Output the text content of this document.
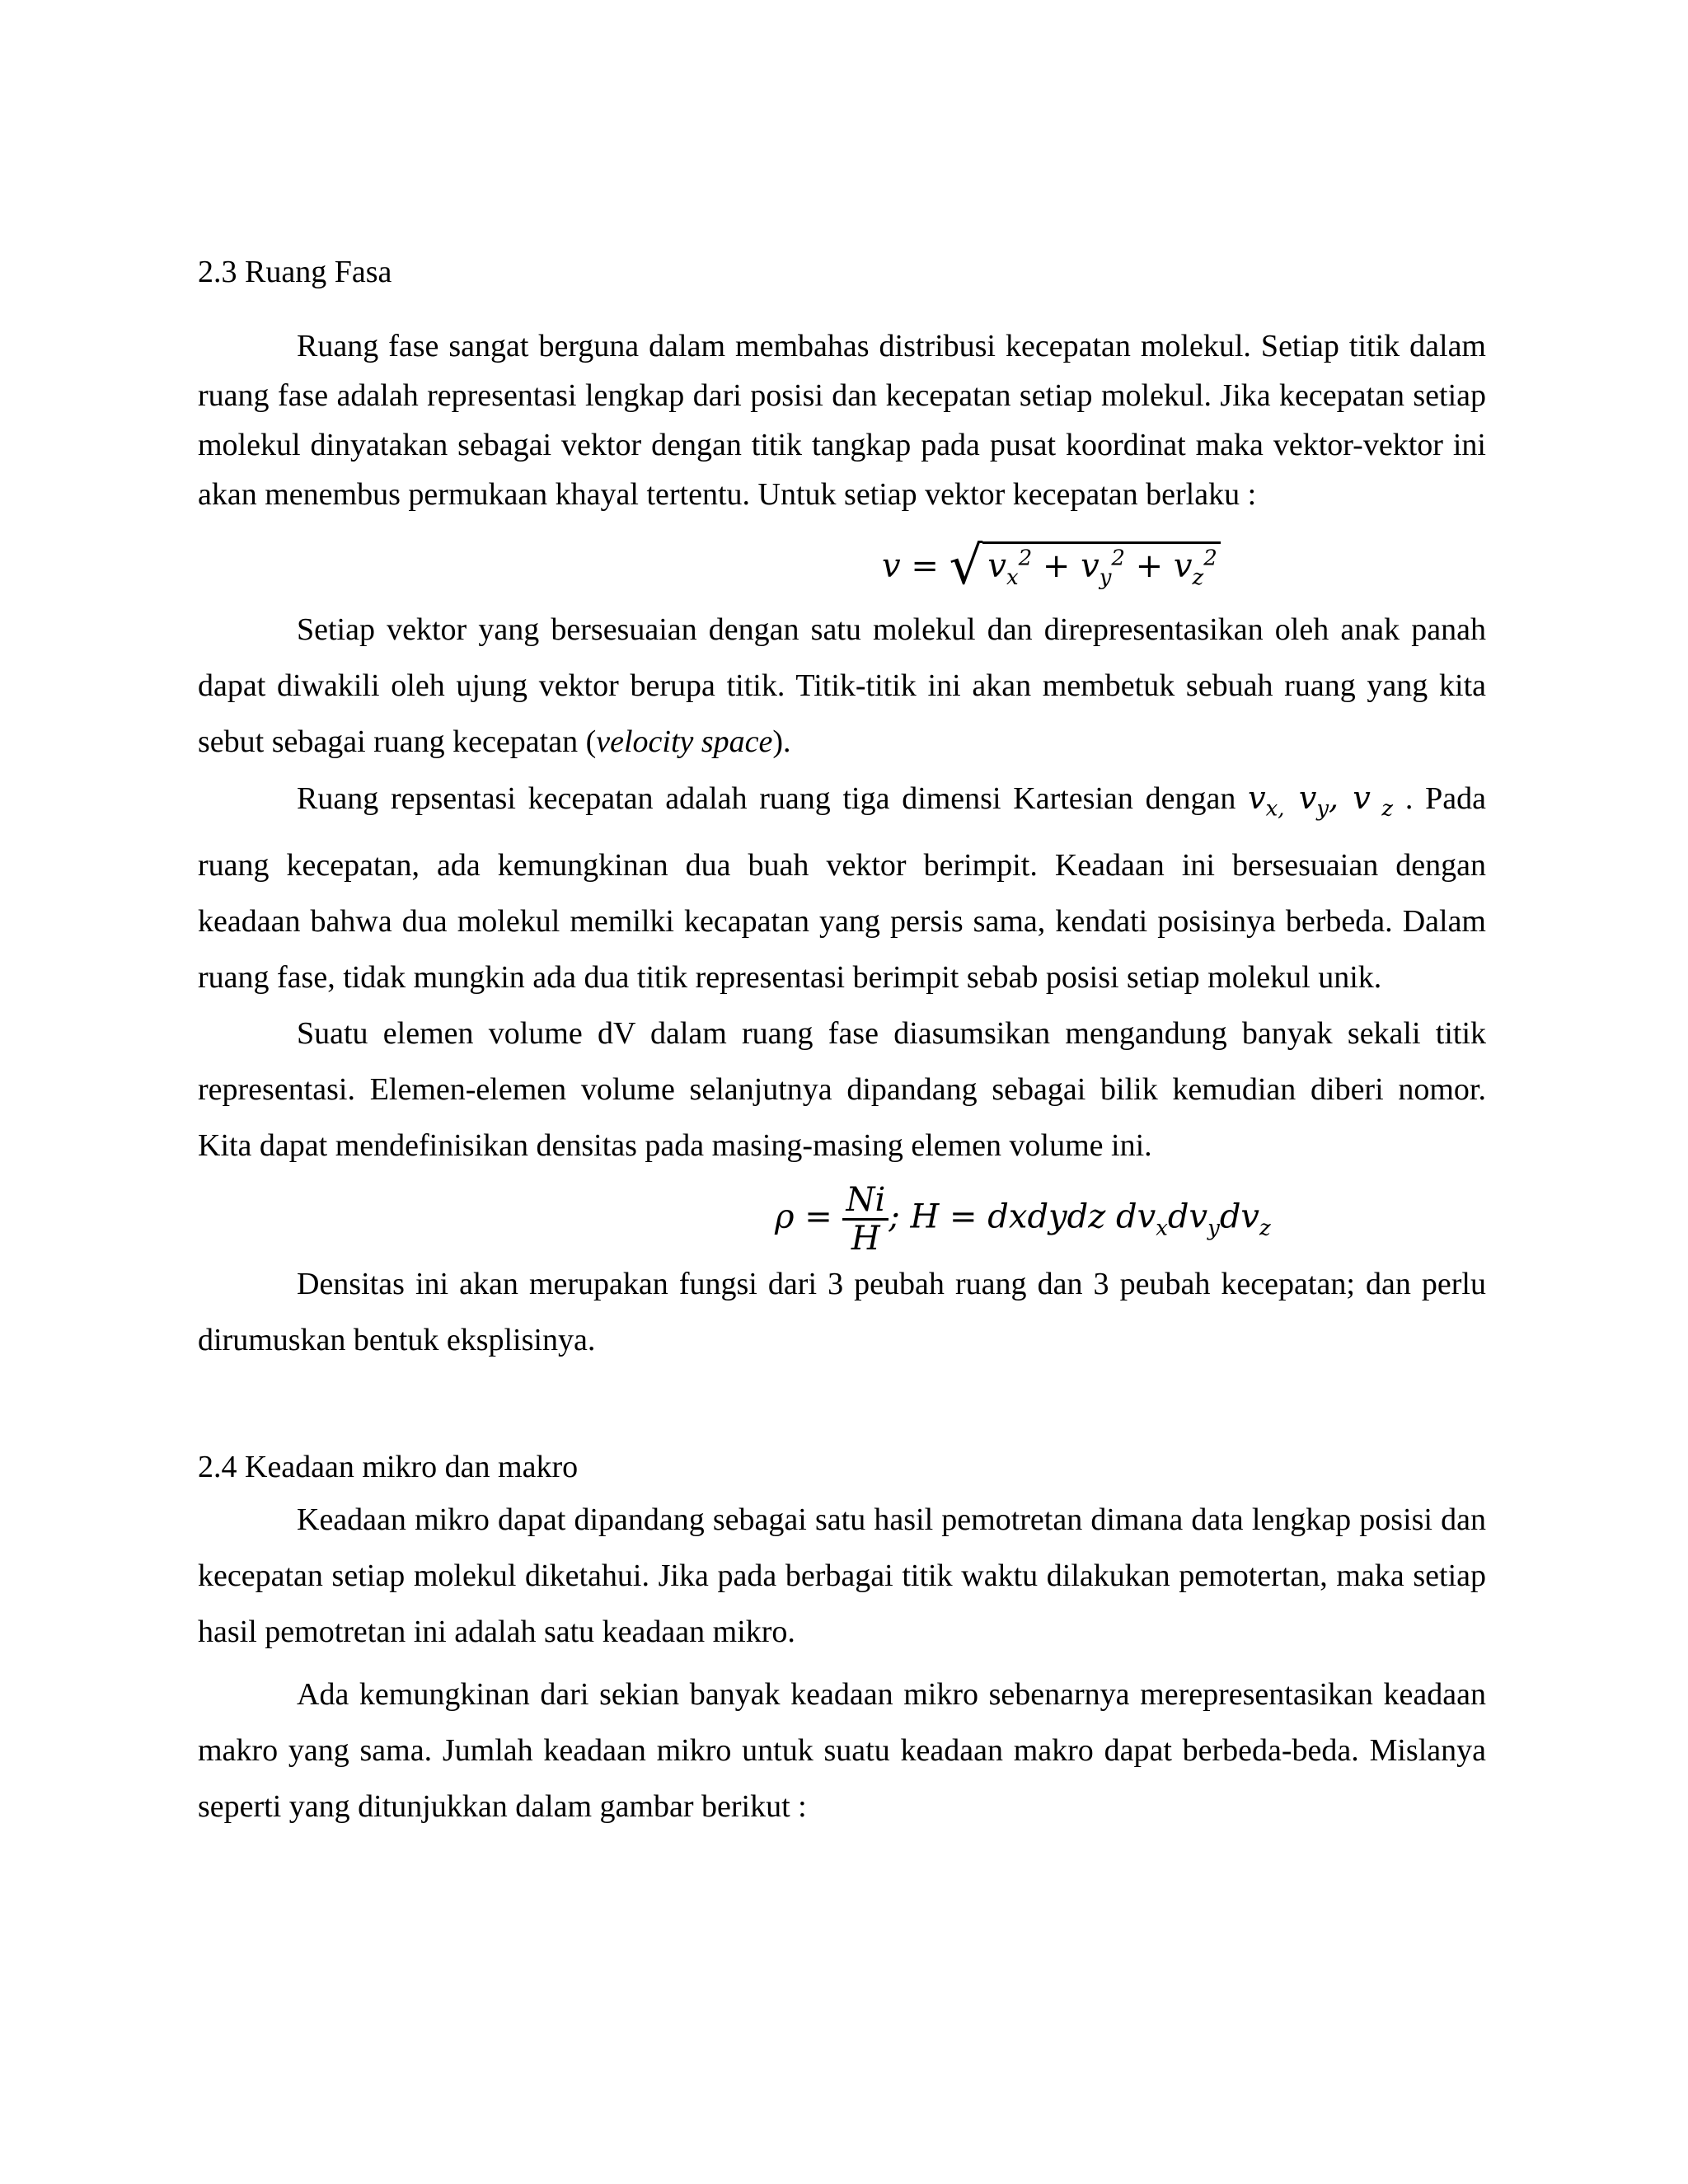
2.3 Ruang Fasa

Ruang fase sangat berguna dalam membahas distribusi kecepatan molekul. Setiap titik dalam ruang fase adalah representasi lengkap dari posisi dan kecepatan setiap molekul. Jika kecepatan setiap molekul dinyatakan sebagai vektor dengan titik tangkap pada pusat koordinat maka vektor-vektor ini akan menembus permukaan khayal tertentu. Untuk setiap vektor kecepatan berlaku :

v = √ $v_x^2 + v_y^2 + v_z^2$

Setiap vektor yang bersesuaian dengan satu molekul dan direpresentasikan oleh anak panah dapat diwakili oleh ujung vektor berupa titik. Titik-titik ini akan membetuk sebuah ruang yang kita sebut sebagai ruang kecepatan (velocity space).

Ruang repsentasi kecepatan adalah ruang tiga dimensi Kartesian dengan $v_{x,}$ $v_y$, v $_z$ . Pada ruang kecepatan, ada kemungkinan dua buah vektor berimpit. Keadaan ini bersesuaian dengan keadaan bahwa dua molekul memilki kecapatan yang persis sama, kendati posisinya berbeda. Dalam ruang fase, tidak mungkin ada dua titik representasi berimpit sebab posisi setiap molekul unik.

Suatu elemen volume dV dalam ruang fase diasumsikan mengandung banyak sekali titik representasi. Elemen-elemen volume selanjutnya dipandang sebagai bilik kemudian diberi nomor. Kita dapat mendefinisikan densitas pada masing-masing elemen volume ini.

$\rho = \frac{Ni}{H}$ ; H = dxdydz $dv_xdv_ydv_z$

Densitas ini akan merupakan fungsi dari 3 peubah ruang dan 3 peubah kecepatan; dan perlu dirumuskan bentuk eksplisinya.

2.4 Keadaan mikro dan makro

Keadaan mikro dapat dipandang sebagai satu hasil pemotretan dimana data lengkap posisi dan kecepatan setiap molekul diketahui. Jika pada berbagai titik waktu dilakukan pemotertan, maka setiap hasil pemotretan ini adalah satu keadaan mikro.

Ada kemungkinan dari sekian banyak keadaan mikro sebenarnya merepresentasikan keadaan makro yang sama. Jumlah keadaan mikro untuk suatu keadaan makro dapat berbeda-beda. Mislanya seperti yang ditunjukkan dalam gambar berikut :
